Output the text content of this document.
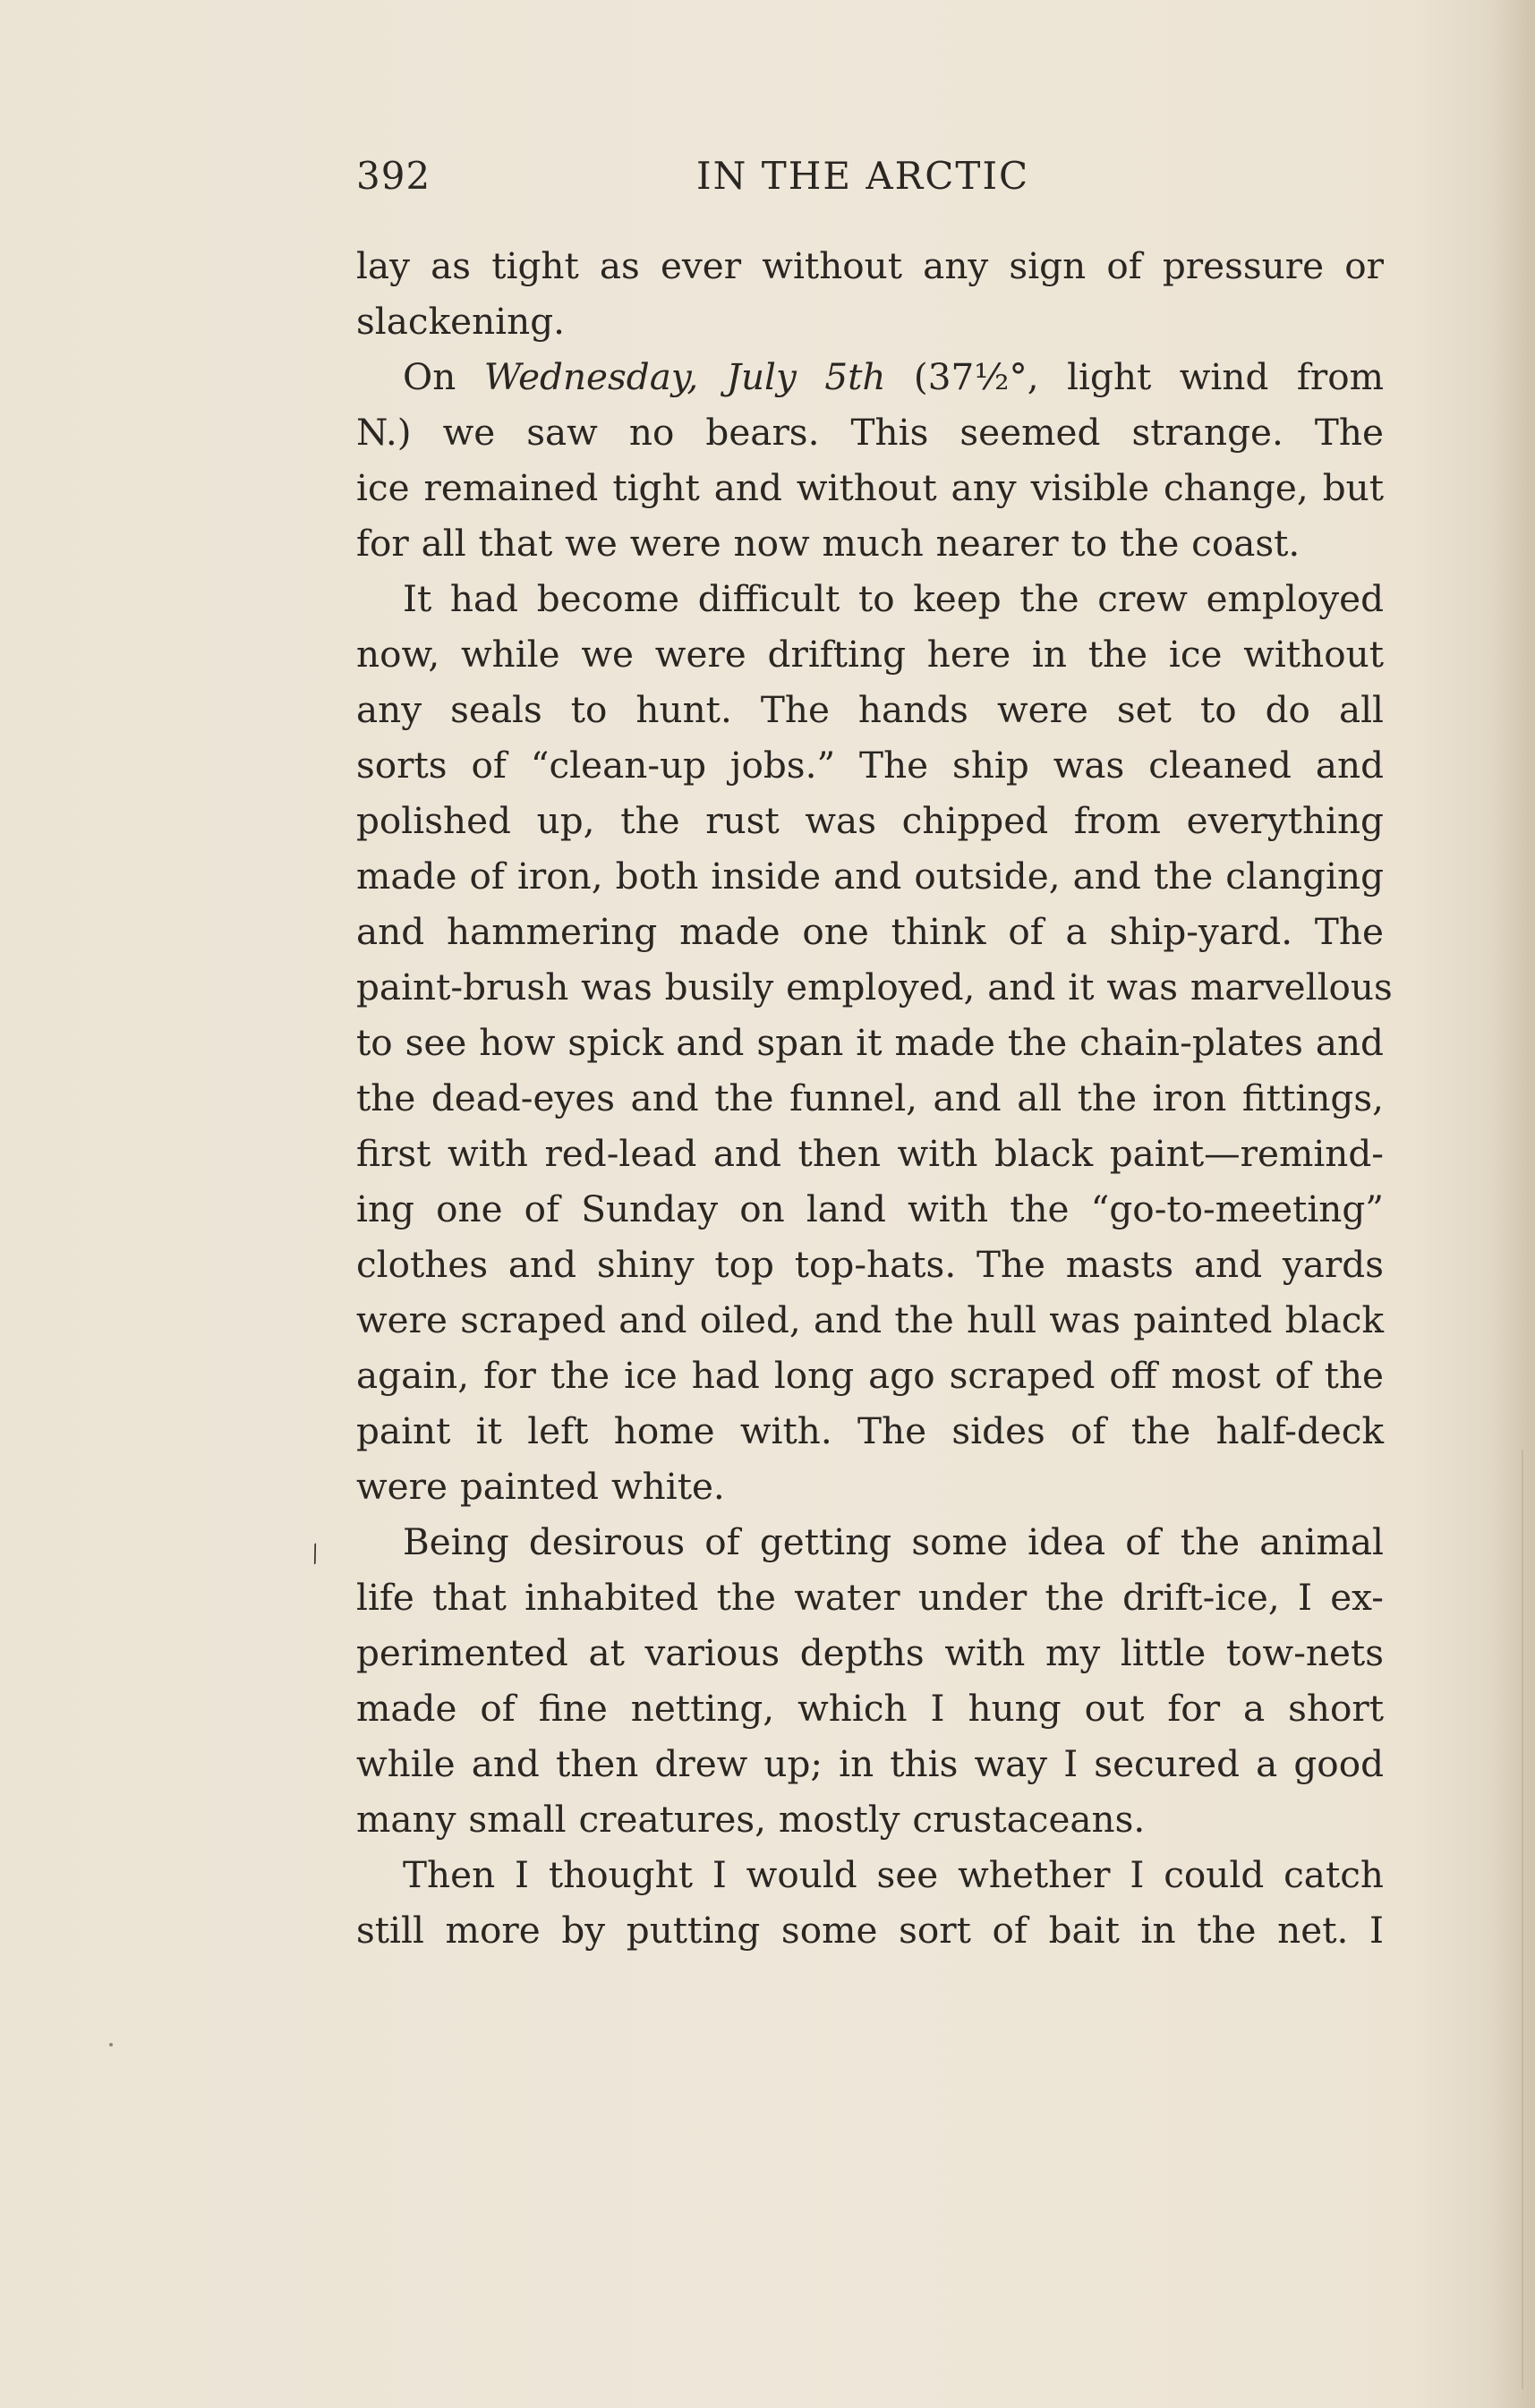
392	IN THE ARCTIC
lay as tight as ever without any sign of pressure or
slackening.
On Wednesday, July 5th (37½°, light wind from
N.) we saw no bears. This seemed strange. The
ice remained tight and without any visible change, but
for all that we were now much nearer to the coast.
It had become difficult to keep the crew employed
now, while we were drifting here in the ice without
any seals to hunt. The hands were set to do all
sorts of “clean-up jobs.” The ship was cleaned and
polished up, the rust was chipped from everything
made of iron, both inside and outside, and the clanging
and hammering made one think of a ship-yard. The
paint-brush was busily employed, and it was marvellous
to see how spick and span it made the chain-plates and
the dead-eyes and the funnel, and all the iron fittings,
first with red-lead and then with black paint—remind-
ing one of Sunday on land with the “go-to-meeting”
clothes and shiny top top-hats. The masts and yards
were scraped and oiled, and the hull was painted black
again, for the ice had long ago scraped off most of the
paint it left home with. The sides of the half-deck
were painted white.
Being desirous of getting some idea of the animal
life that inhabited the water under the drift-ice, I ex-
perimented at various depths with my little tow-nets
made of fine netting, which I hung out for a short
while and then drew up; in this way I secured a good
many small creatures, mostly crustaceans.
Then I thought I would see whether I could catch
still more by putting some sort of bait in the net. I
⁄
